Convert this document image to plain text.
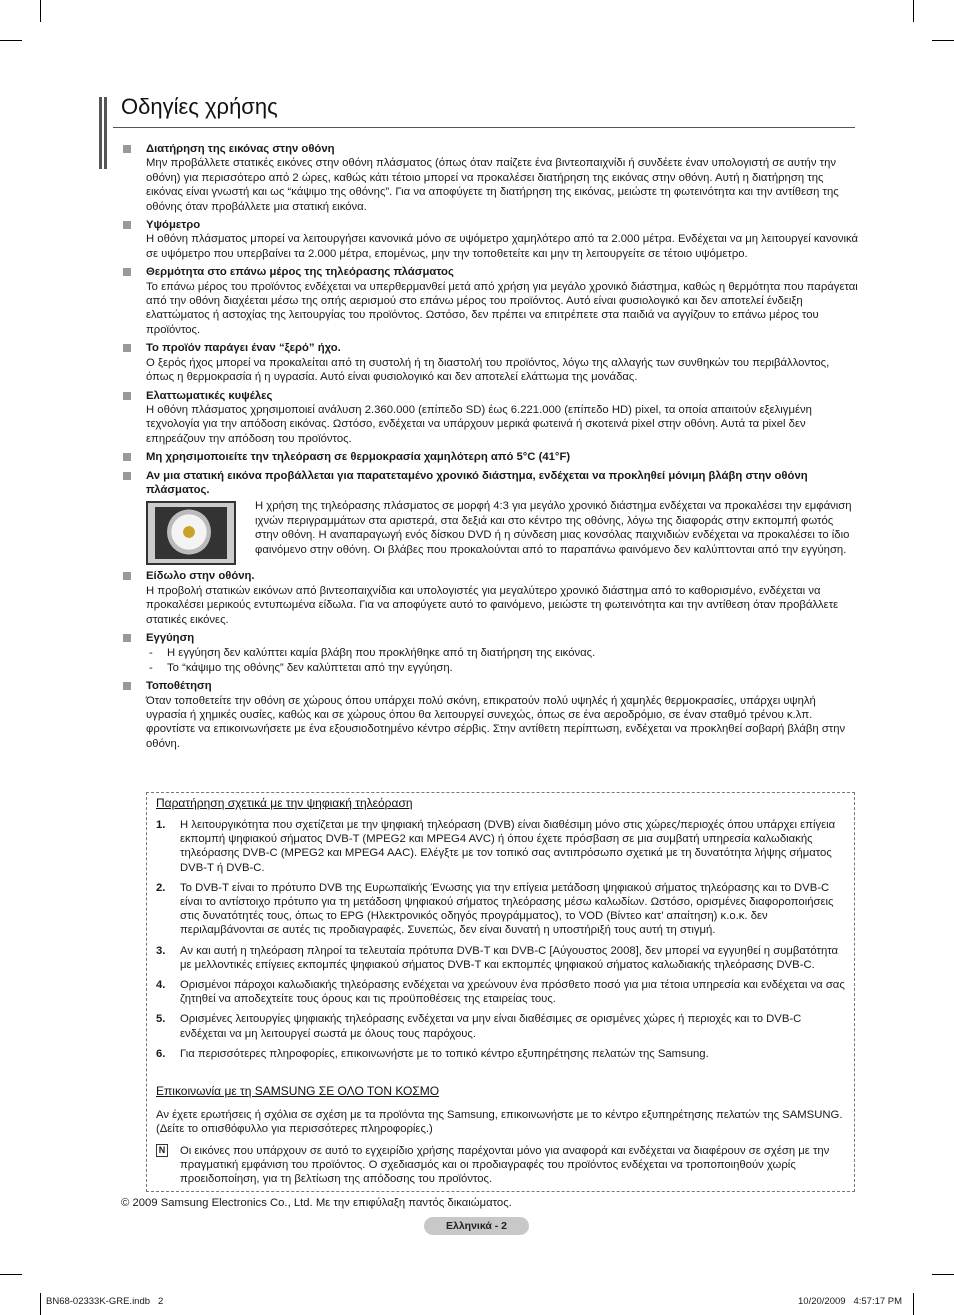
Οδηγίες χρήσης
Διατήρηση της εικόνας στην οθόνη

Μην προβάλλετε στατικές εικόνες στην οθόνη πλάσματος (όπως όταν παίζετε ένα βιντεοπαιχνίδι ή συνδέετε έναν υπολογιστή σε αυτήν την οθόνη) για περισσότερο από 2 ώρες, καθώς κάτι τέτοιο μπορεί να προκαλέσει διατήρηση της εικόνας στην οθόνη. Αυτή η διατήρηση της εικόνας είναι γνωστή και ως “κάψιμο της οθόνης”. Για να αποφύγετε τη διατήρηση της εικόνας, μειώστε τη φωτεινότητα και την αντίθεση της οθόνης όταν προβάλλετε μια στατική εικόνα.

Υψόμετρο

Η οθόνη πλάσματος μπορεί να λειτουργήσει κανονικά μόνο σε υψόμετρο χαμηλότερο από τα 2.000 μέτρα. Ενδέχεται να μη λειτουργεί κανονικά σε υψόμετρο που υπερβαίνει τα 2.000 μέτρα, επομένως, μην την τοποθετείτε και μην τη λειτουργείτε σε τέτοιο υψόμετρο.

Θερμότητα στο επάνω μέρος της τηλεόρασης πλάσματος

Το επάνω μέρος του προϊόντος ενδέχεται να υπερθερμανθεί μετά από χρήση για μεγάλο χρονικό διάστημα, καθώς η θερμότητα που παράγεται από την οθόνη διαχέεται μέσω της οπής αερισμού στο επάνω μέρος του προϊόντος. Αυτό είναι φυσιολογικό και δεν αποτελεί ένδειξη ελαττώματος ή αστοχίας της λειτουργίας του προϊόντος. Ωστόσο, δεν πρέπει να επιτρέπετε στα παιδιά να αγγίζουν το επάνω μέρος του προϊόντος.

Το προϊόν παράγει έναν “ξερό” ήχο.

Ο ξερός ήχος μπορεί να προκαλείται από τη συστολή ή τη διαστολή του προϊόντος, λόγω της αλλαγής των συνθηκών του περιβάλλοντος, όπως η θερμοκρασία ή η υγρασία. Αυτό είναι φυσιολογικό και δεν αποτελεί ελάττωμα της μονάδας.

Ελαττωματικές κυψέλες

Η οθόνη πλάσματος χρησιμοποιεί ανάλυση 2.360.000 (επίπεδο SD) έως 6.221.000 (επίπεδο HD) pixel, τα οποία απαιτούν εξελιγμένη τεχνολογία για την απόδοση εικόνας. Ωστόσο, ενδέχεται να υπάρχουν μερικά φωτεινά ή σκοτεινά pixel στην οθόνη. Αυτά τα pixel δεν επηρεάζουν την απόδοση του προϊόντος.

Μη χρησιμοποιείτε την τηλεόραση σε θερμοκρασία χαμηλότερη από 5°C (41°F)
Αν μια στατική εικόνα προβάλλεται για παρατεταμένο χρονικό διάστημα, ενδέχεται να προκληθεί μόνιμη βλάβη στην οθόνη πλάσματος.

Η χρήση της τηλεόρασης πλάσματος σε μορφή 4:3 για μεγάλο χρονικό διάστημα ενδέχεται να προκαλέσει την εμφάνιση ιχνών περιγραμμάτων στα αριστερά, στα δεξιά και στο κέντρο της οθόνης, λόγω της διαφοράς στην εκπομπή φωτός στην οθόνη. Η αναπαραγωγή ενός δίσκου DVD ή η σύνδεση μιας κονσόλας παιχνιδιών ενδέχεται να προκαλέσει το ίδιο φαινόμενο στην οθόνη. Οι βλάβες που προκαλούνται από το παραπάνω φαινόμενο δεν καλύπτονται από την εγγύηση.

Είδωλο στην οθόνη.

Η προβολή στατικών εικόνων από βιντεοπαιχνίδια και υπολογιστές για μεγαλύτερο χρονικό διάστημα από το καθορισμένο, ενδέχεται να προκαλέσει μερικούς εντυπωμένα είδωλα. Για να αποφύγετε αυτό το φαινόμενο, μειώστε τη φωτεινότητα και την αντίθεση όταν προβάλλετε στατικές εικόνες.

Εγγύηση
- Η εγγύηση δεν καλύπτει καμία βλάβη που προκλήθηκε από τη διατήρηση της εικόνας.
- Το “κάψιμο της οθόνης” δεν καλύπτεται από την εγγύηση.
Τοποθέτηση

Όταν τοποθετείτε την οθόνη σε χώρους όπου υπάρχει πολύ σκόνη, επικρατούν πολύ υψηλές ή χαμηλές θερμοκρασίες, υπάρχει υψηλή υγρασία ή χημικές ουσίες, καθώς και σε χώρους όπου θα λειτουργεί συνεχώς, όπως σε ένα αεροδρόμιο, σε έναν σταθμό τρένου κ.λπ. φροντίστε να επικοινωνήσετε με ένα εξουσιοδοτημένο κέντρο σέρβις. Στην αντίθετη περίπτωση, ενδέχεται να προκληθεί σοβαρή βλάβη στην οθόνη.

Παρατήρηση σχετικά με την ψηφιακή τηλεόραση
1. Η λειτουργικότητα που σχετίζεται με την ψηφιακή τηλεόραση (DVB) είναι διαθέσιμη μόνο στις χώρες/περιοχές όπου υπάρχει επίγεια εκπομπή ψηφιακού σήματος DVB-T (MPEG2 και MPEG4 AVC) ή όπου έχετε πρόσβαση σε μια συμβατή υπηρεσία καλωδιακής τηλεόρασης DVB-C (MPEG2 και MPEG4 AAC). Ελέγξτε με τον τοπικό σας αντιπρόσωπο σχετικά με τη δυνατότητα λήψης σήματος DVB-T ή DVB-C.
2. Το DVB-T είναι το πρότυπο DVB της Ευρωπαϊκής Ένωσης για την επίγεια μετάδοση ψηφιακού σήματος τηλεόρασης και το DVB-C είναι το αντίστοιχο πρότυπο για τη μετάδοση ψηφιακού σήματος τηλεόρασης μέσω καλωδίων. Ωστόσο, ορισμένες διαφοροποιήσεις στις δυνατότητές τους, όπως το EPG (Ηλεκτρονικός οδηγός προγράμματος), το VOD (Βίντεο κατ’ απαίτηση) κ.ο.κ. δεν περιλαμβάνονται σε αυτές τις προδιαγραφές. Συνεπώς, δεν είναι δυνατή η υποστήριξή τους αυτή τη στιγμή.
3. Αν και αυτή η τηλεόραση πληροί τα τελευταία πρότυπα DVB-T και DVB-C [Αύγουστος 2008], δεν μπορεί να εγγυηθεί η συμβατότητα με μελλοντικές επίγειες εκπομπές ψηφιακού σήματος DVB-T και εκπομπές ψηφιακού σήματος καλωδιακής τηλεόρασης DVB-C.
4. Ορισμένοι πάροχοι καλωδιακής τηλεόρασης ενδέχεται να χρεώνουν ένα πρόσθετο ποσό για μια τέτοια υπηρεσία και ενδέχεται να σας ζητηθεί να αποδεχτείτε τους όρους και τις προϋποθέσεις της εταιρείας τους.
5. Ορισμένες λειτουργίες ψηφιακής τηλεόρασης ενδέχεται να μην είναι διαθέσιμες σε ορισμένες χώρες ή περιοχές και το DVB-C ενδέχεται να μη λειτουργεί σωστά με όλους τους παρόχους.
6. Για περισσότερες πληροφορίες, επικοινωνήστε με το τοπικό κέντρο εξυπηρέτησης πελατών της Samsung.
Επικοινωνία με τη SAMSUNG ΣΕ ΟΛΟ ΤΟΝ ΚΟΣΜΟ
Αν έχετε ερωτήσεις ή σχόλια σε σχέση με τα προϊόντα της Samsung, επικοινωνήστε με το κέντρο εξυπηρέτησης πελατών της SAMSUNG. (Δείτε το οπισθόφυλλο για περισσότερες πληροφορίες.)
N Οι εικόνες που υπάρχουν σε αυτό το εγχειρίδιο χρήσης παρέχονται μόνο για αναφορά και ενδέχεται να διαφέρουν σε σχέση με την πραγματική εμφάνιση του προϊόντος. Ο σχεδιασμός και οι προδιαγραφές του προϊόντος ενδέχεται να τροποποιηθούν χωρίς προειδοποίηση, για τη βελτίωση της απόδοσης του προϊόντος.
© 2009 Samsung Electronics Co., Ltd. Με την επιφύλαξη παντός δικαιώματος.
Ελληνικά - 2
BN68-02333K-GRE.indb   2	10/20/2009   4:57:17 PM
